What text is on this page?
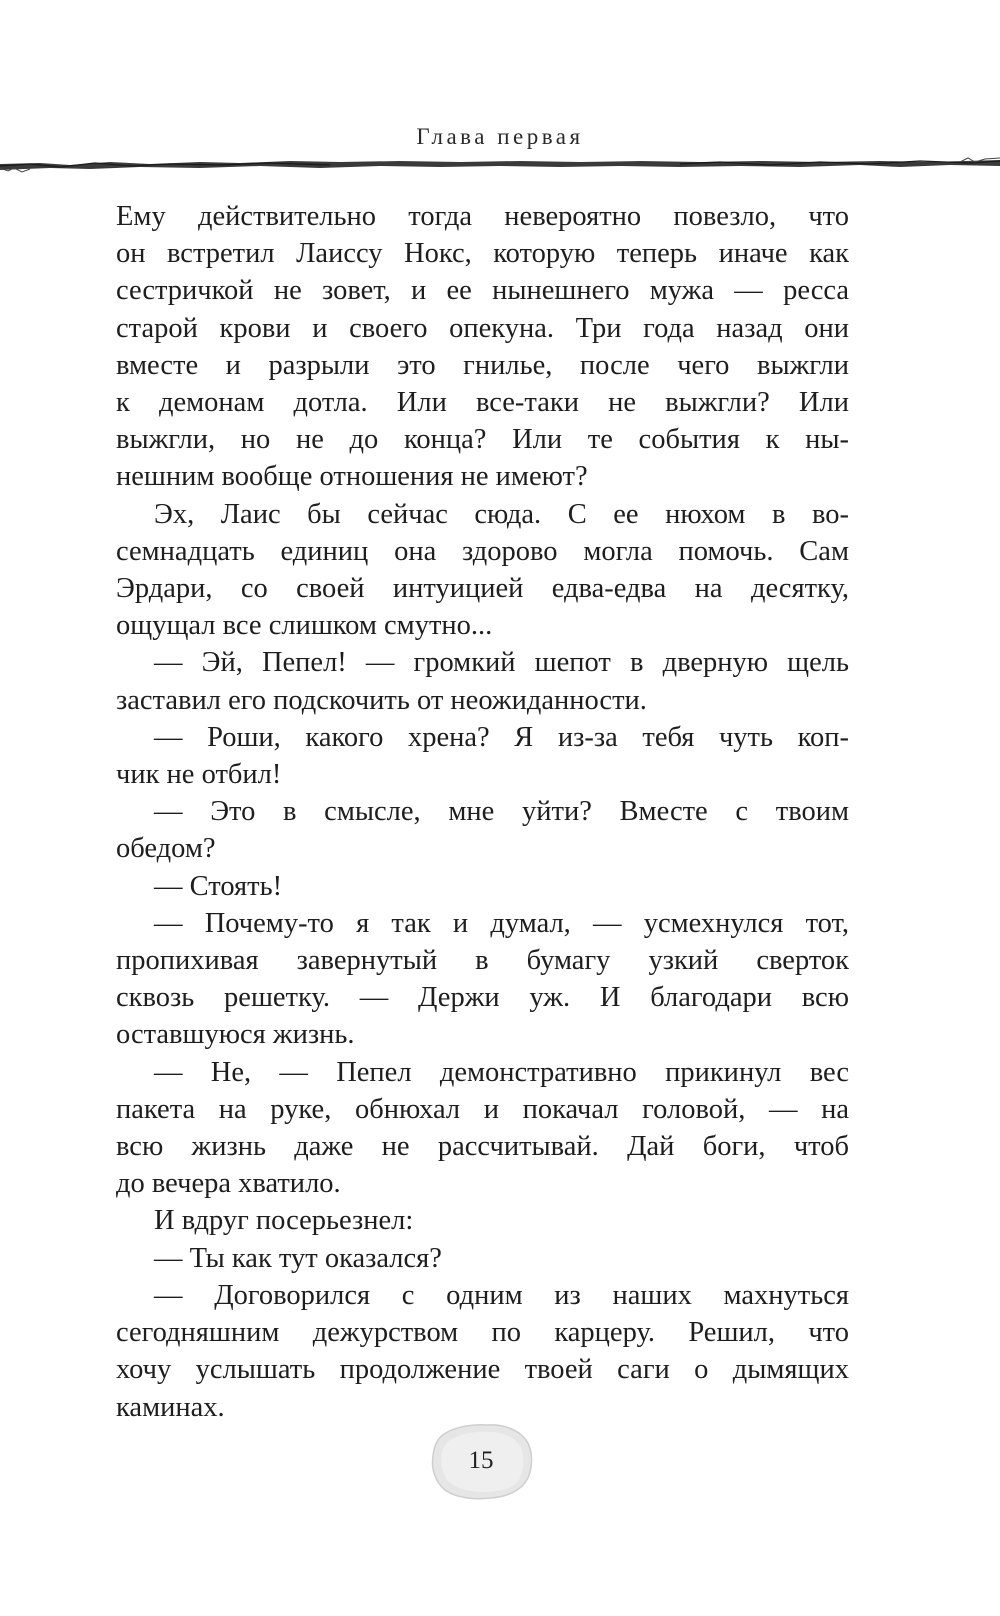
Глава первая

Ему действительно тогда невероятно повезло, что

он встретил Лаиссу Нокс, которую теперь иначе как

сестричкой не зовет, и ее нынешнего мужа — ресса

старой крови и своего опекуна. Три года назад они

вместе и разрыли это гнилье, после чего выжгли

к демонам дотла. Или все-таки не выжгли? Или

выжгли, но не до конца? Или те события к ны-

нешним вообще отношения не имеют?

Эх, Лаис бы сейчас сюда. С ее нюхом в во-

семнадцать единиц она здорово могла помочь. Сам

Эрдари, со своей интуицией едва-едва на десятку,

ощущал все слишком смутно...

— Эй, Пепел! — громкий шепот в дверную щель

заставил его подскочить от неожиданности.

— Роши, какого хрена? Я из-за тебя чуть коп-

чик не отбил!

— Это в смысле, мне уйти? Вместе с твоим

обедом?

— Стоять!

— Почему-то я так и думал, — усмехнулся тот,

пропихивая завернутый в бумагу узкий сверток

сквозь решетку. — Держи уж. И благодари всю

оставшуюся жизнь.

— Не, — Пепел демонстративно прикинул вес

пакета на руке, обнюхал и покачал головой, — на

всю жизнь даже не рассчитывай. Дай боги, чтоб

до вечера хватило.

И вдруг посерьезнел:

— Ты как тут оказался?

— Договорился с одним из наших махнуться

сегодняшним дежурством по карцеру. Решил, что

хочу услышать продолжение твоей саги о дымящих

каминах.

15
